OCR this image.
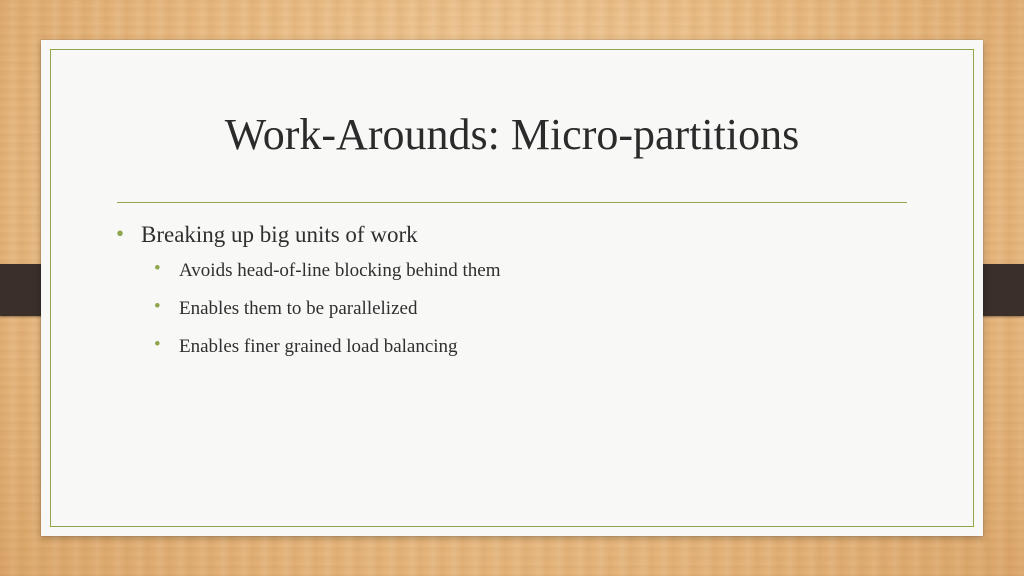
Work-Arounds: Micro-partitions
• Breaking up big units of work
• Avoids head-of-line blocking behind them
• Enables them to be parallelized
• Enables finer grained load balancing
